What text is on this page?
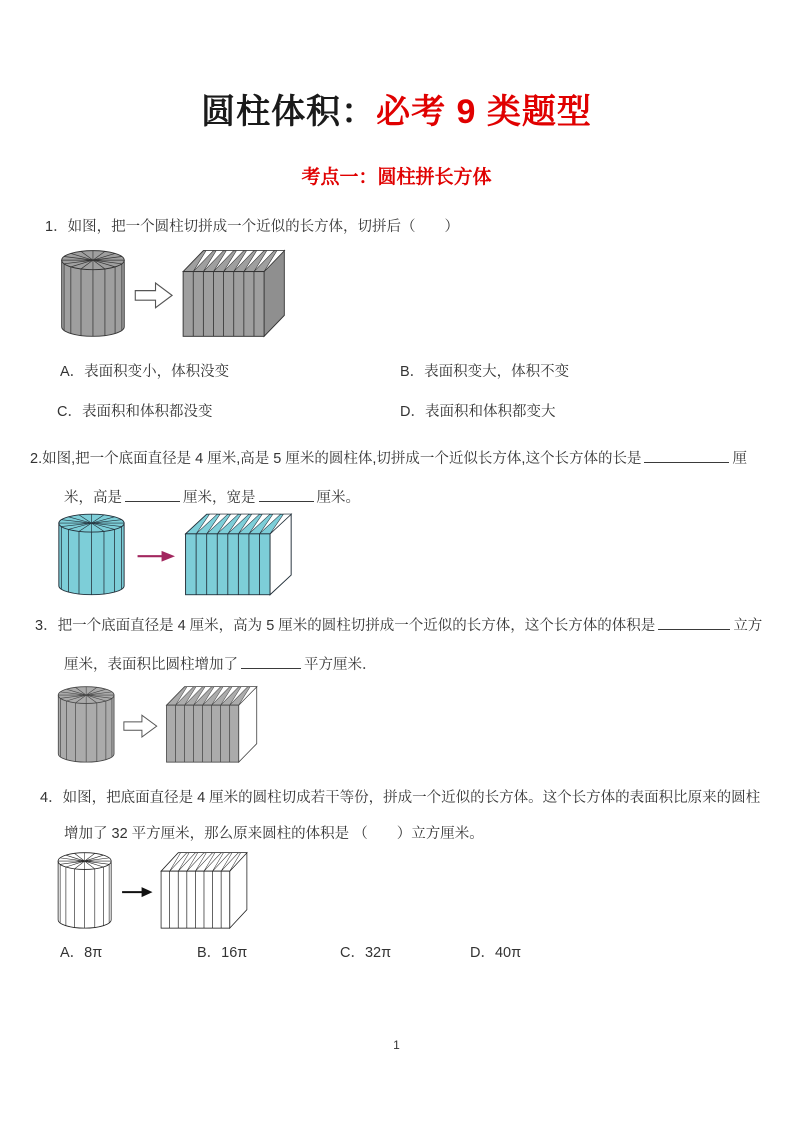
圆柱体积：必考 9 类题型
考点一：圆柱拼长方体
1．如图，把一个圆柱切拼成一个近似的长方体，切拼后（　　）
A．表面积变小，体积没变	B．表面积变大，体积不变
C．表面积和体积都没变	D．表面积和体积都变大
2.如图,把一个底面直径是 4 厘米,高是 5 厘米的圆柱体,切拼成一个近似长方体,这个长方体的长是	厘
米，高是	厘米，宽是	厘米。
3．把一个底面直径是 4 厘米，高为 5 厘米的圆柱切拼成一个近似的长方体，这个长方体的体积是	立方
厘米，表面积比圆柱增加了	平方厘米．
4．如图，把底面直径是 4 厘米的圆柱切成若干等份，拼成一个近似的长方体。这个长方体的表面积比原来的圆柱
增加了 32 平方厘米，那么原来圆柱的体积是 （　　）立方厘米。
A．8π	B．16π	C．32π	D．40π
1
